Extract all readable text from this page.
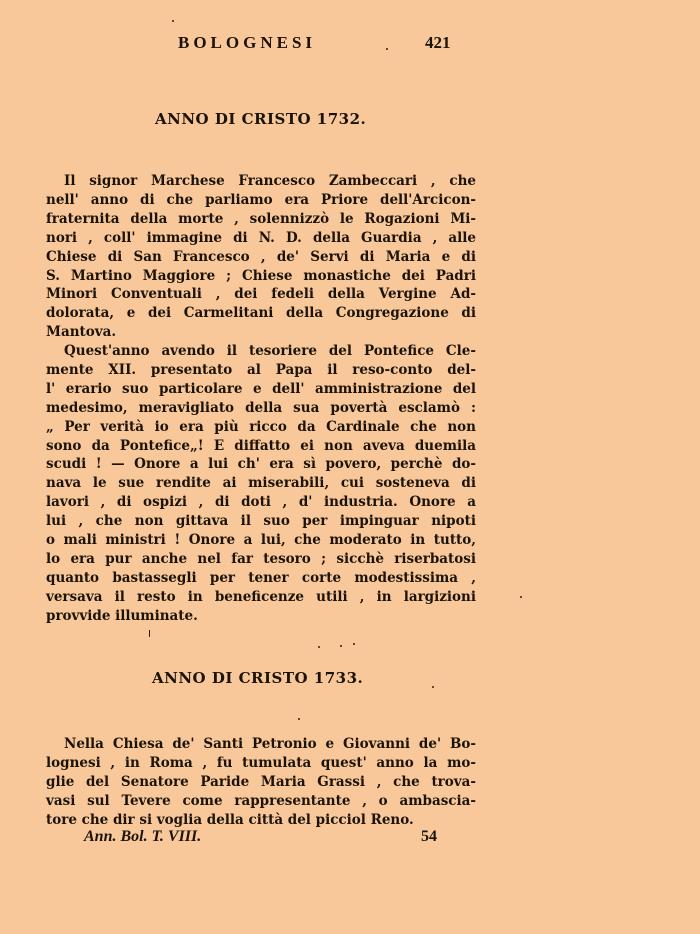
BOLOGNESI	421
ANNO DI CRISTO 1732.
Il signor Marchese Francesco Zambeccari , che
nell' anno di che parliamo era Priore dell'Arcicon-
fraternita della morte , solennizzò le Rogazioni Mi-
nori , coll' immagine di N. D. della Guardia , alle
Chiese di San Francesco , de' Servi di Maria e di
S. Martino Maggiore ; Chiese monastiche dei Padri
Minori Conventuali , dei fedeli della Vergine Ad-
dolorata, e dei Carmelitani della Congregazione di
Mantova.
Quest'anno avendo il tesoriere del Pontefice Cle-
mente XII. presentato al Papa il reso-conto del-
l' erario suo particolare e dell' amministrazione del
medesimo, meravigliato della sua povertà esclamò :
„ Per verità io era più ricco da Cardinale che non
sono da Pontefice„! E diffatto ei non aveva duemila
scudi ! — Onore a lui ch' era sì povero, perchè do-
nava le sue rendite ai miserabili, cui sosteneva di
lavori , di ospizi , di doti , d' industria. Onore a
lui , che non gittava il suo per impinguar nipoti
o mali ministri ! Onore a lui, che moderato in tutto,
lo era pur anche nel far tesoro ; sicchè riserbatosi
quanto bastassegli per tener corte modestissima ,
versava il resto in beneficenze utili , in largizioni
provvide illuminate.
ANNO DI CRISTO 1733.
Nella Chiesa de' Santi Petronio e Giovanni de' Bo-
lognesi , in Roma , fu tumulata quest' anno la mo-
glie del Senatore Paride Maria Grassi , che trova-
vasi sul Tevere come rappresentante , o ambascia-
tore che dir si voglia della città del picciol Reno.
Ann. Bol. T. VIII.	54
